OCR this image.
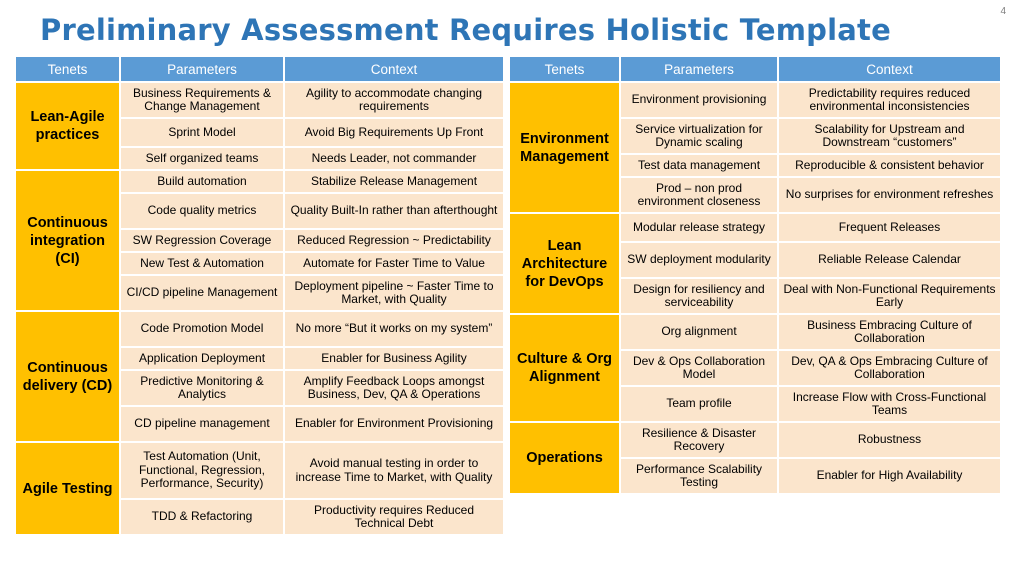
Preliminary Assessment Requires Holistic Template
4
Tenets	Parameters	Context
Lean-Agile practices	Business Requirements & Change Management	Agility to accommodate changing requirements
	Sprint Model	Avoid Big Requirements Up Front
	Self organized teams	Needs Leader, not commander
Continuous integration (CI)	Build automation	Stabilize Release Management
	Code quality metrics	Quality Built-In rather than afterthought
	SW Regression Coverage	Reduced Regression ~ Predictability
	New Test & Automation	Automate for Faster Time to Value
	CI/CD pipeline Management	Deployment pipeline ~ Faster Time to Market, with Quality
Continuous delivery (CD)	Code Promotion Model	No more “But it works on my system”
	Application Deployment	Enabler for Business Agility
	Predictive Monitoring & Analytics	Amplify Feedback Loops amongst Business, Dev, QA & Operations
	CD pipeline management	Enabler for Environment Provisioning
Agile Testing	Test Automation (Unit, Functional, Regression, Performance, Security)	Avoid manual testing in order to increase Time to Market, with Quality
	TDD & Refactoring	Productivity requires Reduced Technical Debt
Tenets	Parameters	Context
Environment Management	Environment provisioning	Predictability requires reduced environmental inconsistencies
	Service virtualization for Dynamic scaling	Scalability for Upstream and Downstream “customers”
	Test data management	Reproducible & consistent behavior
	Prod – non prod environment closeness	No surprises for environment refreshes
Lean Architecture for DevOps	Modular release strategy	Frequent Releases
	SW deployment modularity	Reliable Release Calendar
	Design for resiliency and serviceability	Deal with Non-Functional Requirements Early
Culture & Org Alignment	Org alignment	Business Embracing Culture of Collaboration
	Dev & Ops Collaboration Model	Dev, QA & Ops Embracing Culture of Collaboration
	Team profile	Increase Flow with Cross-Functional Teams
Operations	Resilience & Disaster Recovery	Robustness
	Performance Scalability Testing	Enabler for High Availability
